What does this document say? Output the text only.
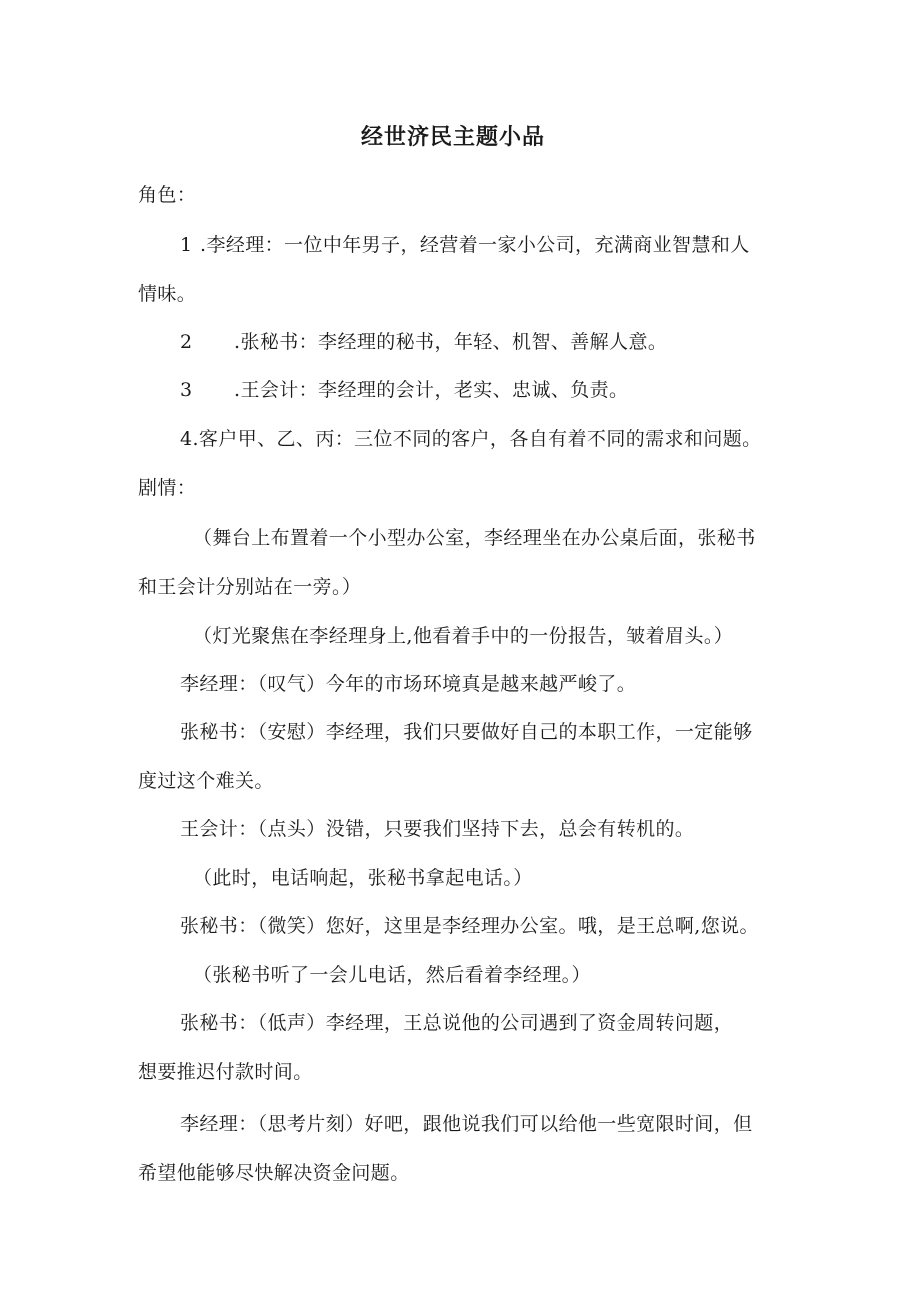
经世济民主题小品

角色：

1 .李经理：一位中年男子，经营着一家小公司，充满商业智慧和人

情味。

2 .张秘书：李经理的秘书，年轻、机智、善解人意。

3 .王会计：李经理的会计，老实、忠诚、负责。

4.客户甲、乙、丙：三位不同的客户，各自有着不同的需求和问题。

剧情：

（舞台上布置着一个小型办公室，李经理坐在办公桌后面，张秘书

和王会计分别站在一旁。）

（灯光聚焦在李经理身上,他看着手中的一份报告，皱着眉头。）

李经理：（叹气）今年的市场环境真是越来越严峻了。

张秘书：（安慰）李经理，我们只要做好自己的本职工作，一定能够

度过这个难关。

王会计：（点头）没错，只要我们坚持下去，总会有转机的。

（此时，电话响起，张秘书拿起电话。）

张秘书：（微笑）您好，这里是李经理办公室。哦，是王总啊,您说。

（张秘书听了一会儿电话，然后看着李经理。）

张秘书：（低声）李经理，王总说他的公司遇到了资金周转问题，

想要推迟付款时间。

李经理：（思考片刻）好吧，跟他说我们可以给他一些宽限时间，但

希望他能够尽快解决资金问题。
